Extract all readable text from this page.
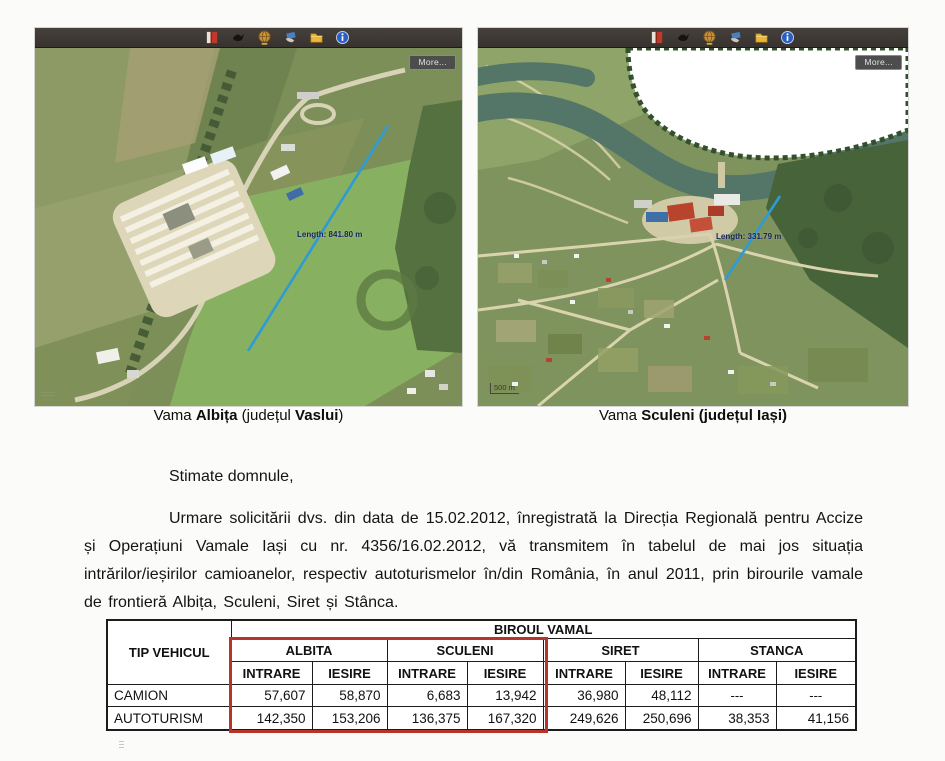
Length: 841.80 m
More...
Length: 331.79 m
500 m
More...
Vama Albița (județul Vaslui)	Vama Sculeni (județul Iași)
Stimate domnule,

Urmare solicitării dvs. din data de 15.02.2012, înregistrată la Direcția Regională pentru Accize și Operațiuni Vamale Iași cu nr. 4356/16.02.2012, vă transmitem în tabelul de mai jos situația intrărilor/ieșirilor camioanelor, respectiv autoturismelor în/din România, în anul 2011, prin birourile vamale de frontieră Albița, Sculeni, Siret și Stânca.

TIP VEHICUL	BIROUL VAMAL							
	ALBITA		SCULENI		SIRET		STANCA	
	INTRARE	IESIRE	INTRARE	IESIRE	INTRARE	IESIRE	INTRARE	IESIRE
CAMION	57,607	58,870	6,683	13,942	36,980	48,112	---	---
AUTOTURISM	142,350	153,206	136,375	167,320	249,626	250,696	38,353	41,156
